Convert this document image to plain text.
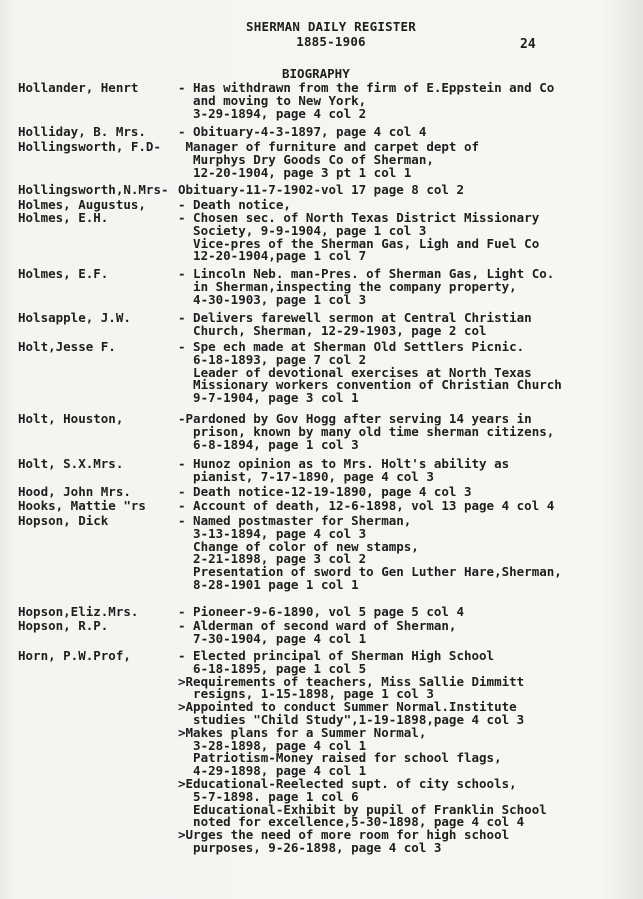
SHERMAN DAILY REGISTER
1885-1906	24
BIOGRAPHY
Hollander, Henrt	- Has withdrawn from the firm of E.Eppstein and Co
and moving to New York,
3-29-1894, page 4 col 2
Holliday, B. Mrs.	- Obituary-4-3-1897, page 4 col 4
Hollingsworth, F.D- Manager of furniture and carpet dept of
Murphys Dry Goods Co of Sherman,
12-20-1904, page 3 pt 1 col 1
Hollingsworth,N.Mrs- Obituary-11-7-1902-vol 17 page 8 col 2
Holmes, Augustus,	- Death notice,
Holmes, E.H.	- Chosen sec. of North Texas District Missionary
Society, 9-9-1904, page 1 col 3
Vice-pres of the Sherman Gas, Ligh and Fuel Co
12-20-1904,page 1 col 7
Holmes, E.F.	- Lincoln Neb. man-Pres. of Sherman Gas, Light Co.
in Sherman,inspecting the company property,
4-30-1903, page 1 col 3
Holsapple, J.W.	- Delivers farewell sermon at Central Christian
Church, Sherman, 12-29-1903, page 2 col
Holt,Jesse F.	- Spe ech made at Sherman Old Settlers Picnic.
6-18-1893, page 7 col 2
Leader of devotional exercises at North Texas
Missionary workers convention of Christian Church
9-7-1904, page 3 col 1
Holt, Houston,	-Pardoned by Gov Hogg after serving 14 years in
prison, known by many old time sherman citizens,
6-8-1894, page 1 col 3
Holt, S.X.Mrs.	- Hunoz opinion as to Mrs. Holt's ability as
pianist, 7-17-1890, page 4 col 3
Hood, John Mrs.	- Death notice-12-19-1890, page 4 col 3
Hooks, Mattie "rs	- Account of death, 12-6-1898, vol 13 page 4 col 4
Hopson, Dick	- Named postmaster for Sherman,
3-13-1894, page 4 col 3
Change of color of new stamps,
2-21-1898, page 3 col 2
Presentation of sword to Gen Luther Hare,Sherman,
8-28-1901 page 1 col 1
Hopson,Eliz.Mrs.	- Pioneer-9-6-1890, vol 5 page 5 col 4
Hopson, R.P.	- Alderman of second ward of Sherman,
7-30-1904, page 4 col 1
Horn, P.W.Prof,	- Elected principal of Sherman High School
6-18-1895, page 1 col 5
>Requirements of teachers, Miss Sallie Dimmitt
resigns, 1-15-1898, page 1 col 3
>Appointed to conduct Summer Normal.Institute
studies "Child Study",1-19-1898,page 4 col 3
>Makes plans for a Summer Normal,
3-28-1898, page 4 col 1
Patriotism-Money raised for school flags,
4-29-1898, page 4 col 1
>Educational-Reelected supt. of city schools,
5-7-1898. page 1 col 6
Educational-Exhibit by pupil of Franklin School
noted for excellence,5-30-1898, page 4 col 4
>Urges the need of more room for high school
purposes, 9-26-1898, page 4 col 3
